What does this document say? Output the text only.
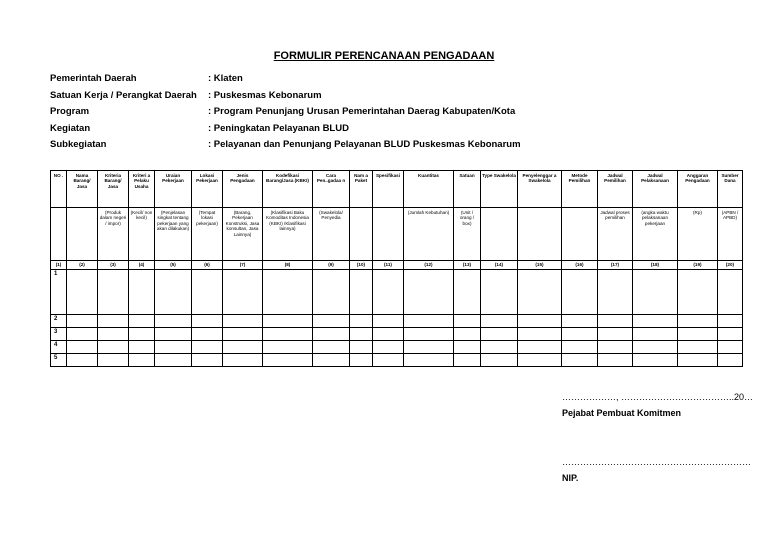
FORMULIR PERENCANAAN PENGADAAN
Pemerintah Daerah	: Klaten
Satuan Kerja / Perangkat Daerah	: Puskesmas Kebonarum
Program	: Program Penunjang Urusan Pemerintahan Daerag Kabupaten/Kota
Kegiatan	: Peningkatan Pelayanan BLUD
Subkegiatan	: Pelayanan dan Penunjang Pelayanan BLUD Puskesmas Kebonarum
NO .	Nama Barang/ Jasa	Kriteria Barang/ Jasa	Kriteri a Pelaku Usaha	Uraian Pekerjaan	Lokasi Pekerjaan	Jenis Pengadaan	Kodefikasi Barang/Jasa (KBKI)	Cara Pen..gadaa n	Nam a Paket	Spesifikasi	Kuantitas	Satuan	Type Swakelola	Penyelenggar a Swakelola	Metode Pemilihan	Jadwal Pemilihan	Jadwal Pelaksanaan	Anggaran Pengadaan	Sumber Dana
		(Produk dalam negeri / impor)	(Kecil/ non kecil)	(Penjelasan singkat tentang pekerjaan yang akan dilakukan)	(Tempat lokasi pekerjaan)	(Barang, Pekerjaan Konstruksi, Jasa konsultan, Jasa Lainnya)	(Klasifikasi Baku Komoditas Indonesia (KBKI) /Klasifikasi lainnya)	(Swakelola/ Penyedia			(Jumlah Kebutuhan)	(Unit / orang / box)				Jadwal proses pemilihan	(angka waktu pelaksanaan pekerjaan	(Rp)	(APBN / APBD)
(1)	(2)	(3)	(4)	(5)	(6)	(7)	(8)	(9)	(10)	(11)	(12)	(13)	(14)	(15)	(16)	(17)	(18)	(19)	(20)
1																			
2																			
3																			
4																			
5																			
………………, ………………………………..20…
Pejabat Pembuat Komitmen
………………………………………………………
NIP.
